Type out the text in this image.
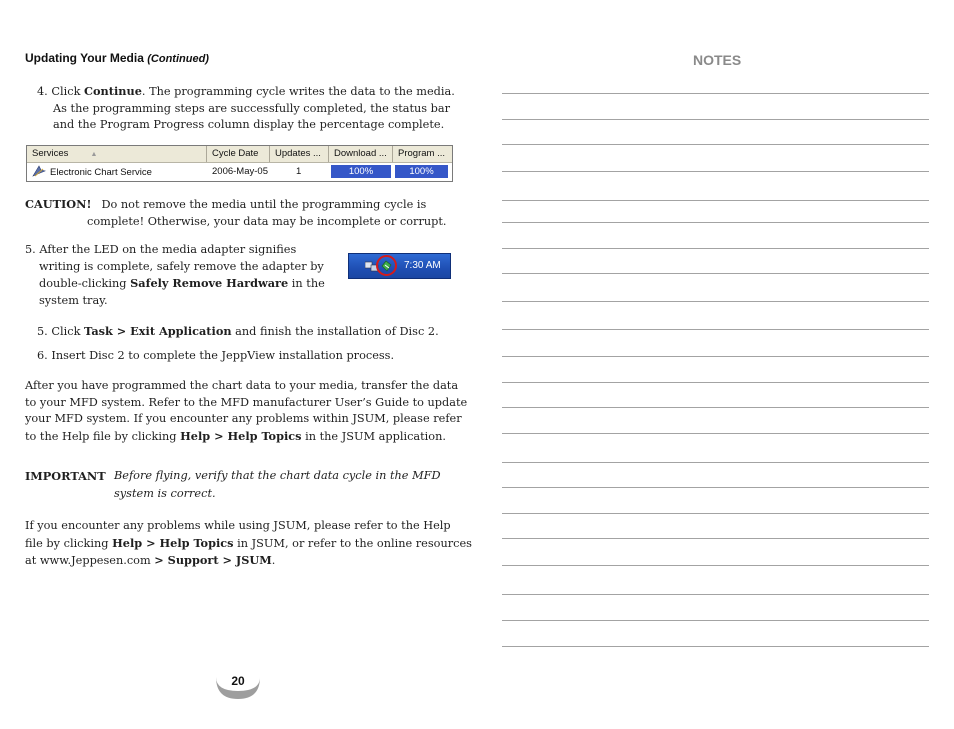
Updating Your Media (Continued)
4. Click Continue. The programming cycle writes the data to the media.
As the programming steps are successfully completed, the status bar
and the Program Progress column display the percentage complete.
Services	▲	Cycle Date	Updates ...	Download ...	Program ...
Electronic Chart Service	2006-May-05	1	100%	100%
CAUTION! Do not remove the media until the programming cycle is
complete! Otherwise, your data may be incomplete or corrupt.
5. After the LED on the media adapter signifies
writing is complete, safely remove the adapter by
double-clicking Safely Remove Hardware in the
system tray.
7:30 AM
5. Click Task > Exit Application and finish the installation of Disc 2.
6. Insert Disc 2 to complete the JeppView installation process.
After you have programmed the chart data to your media, transfer the data
to your MFD system. Refer to the MFD manufacturer User’s Guide to update
your MFD system. If you encounter any problems within JSUM, please refer
to the Help file by clicking Help > Help Topics in the JSUM application.
IMPORTANT Before flying, verify that the chart data cycle in the MFD
system is correct.
If you encounter any problems while using JSUM, please refer to the Help
file by clicking Help > Help Topics in JSUM, or refer to the online resources
at www.Jeppesen.com > Support > JSUM.
NOTES
20
